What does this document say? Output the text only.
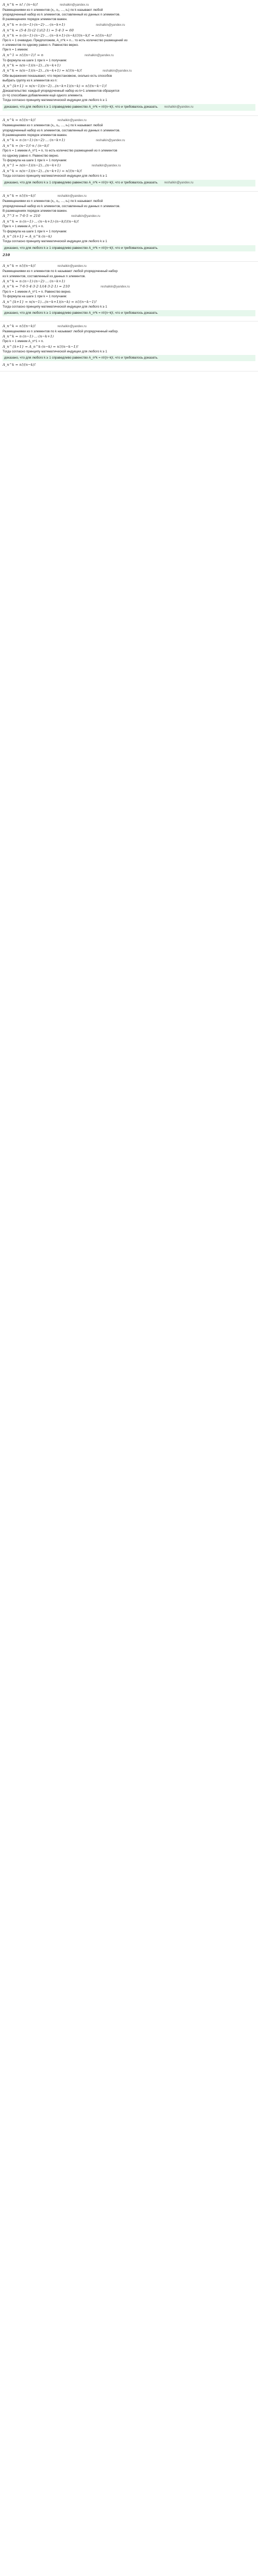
A_n^k = n! / (n−k)!	reshalkin@yandex.ru
Размещениями из n элементов (x₁, x₂, ..., xₙ) по k называют любой
упорядоченный набор из k элементов, составленный из данных n элементов.
В размещениях порядок элементов важен.
A_n^k = n·(n−1)·(n−2)·...·(n−k+1)	reshalkin@yandex.ru
A_n^k = (5·4·3)·(2·1)/(2·1) = 5·4·3 = 60
A_n^k = n·(n−1)·(n−2)·...·(n−k+1)·(n−k)!/(n−k)! = n!/(n−k)!
Про k = 1 очевидно. Предположим, A_n^k = n... то есть количество размещений из
n элементов по одному равно n. Равенство верно.
При k = 1 имеем:
A_n^1 = n!/(n−1)! = n	reshalkin@yandex.ru
То формула на шаге 1 при k = 1 получаем:
A_n^k = n(n−1)(n−2)...(n−k+1)
A_n^k = n(n−1)(n−2)...(n−k+1) = n!/(n−k)!	reshalkin@yandex.ru
Обе выражения показывают, что перестановкою, сколько есть способов
выбрать группу из k элементов из n:
A_n^{k+1} = n(n−1)(n−2)...(n−k+1)(n−k) = n!/(n−k−1)!
Доказательство: каждый упорядоченный набор из k+1 элементов образуется
(n−k) способами добавлением ещё одного элемента.
Тогда согласно принципу математической индукции для любого k ≥ 1
доказано, что для любого k ≥ 1 справедливо равенство A_n^k = n!/(n−k)!, что и требовалось доказать. reshalkin@yandex.ru
A_n^k = n!/(n−k)!	reshalkin@yandex.ru
Размещениями из n элементов (x₁, x₂, ..., xₙ) по k называют любой
упорядоченный набор из k элементов, составленный из данных n элементов.
В размещениях порядок элементов важен.
A_n^k = n·(n−1)·(n−2)·...·(n−k+1)	reshalkin@yandex.ru
A_n^k = (n−1)!·n / (n−k)!
Про k = 1 имеем A_n^1 = n, то есть количество размещений из n элементов
по одному равно n. Равенство верно.
То формула на шаге 1 при k = 1 получаем:
A_n^1 = n(n−1)(n−2)...(n−k+1)	reshalkin@yandex.ru
A_n^k = n(n−1)(n−2)...(n−k+1) = n!/(n−k)!
Тогда согласно принципу математической индукции для любого k ≥ 1
доказано, что для любого k ≥ 1 справедливо равенство A_n^k = n!/(n−k)!, что и требовалось доказать. reshalkin@yandex.ru
A_n^k = n!/(n−k)!	reshalkin@yandex.ru
Размещениями из n элементов (x₁, x₂, ..., xₙ) по k называют любой
упорядоченный набор из k элементов, составленный из данных n элементов.
В размещениях порядок элементов важен.
A_7^3 = 7·6·5 = 210	reshalkin@yandex.ru
A_n^k = n·(n−1)·...·(n−k+1)·(n−k)!/(n−k)!
При k = 1 имеем A_n^1 = n.
То формула на шаге 1 при k = 1 получаем:
A_n^{k+1} = A_n^k·(n−k)
Тогда согласно принципу математической индукции для любого k ≥ 1
доказано, что для любого k ≥ 1 справедливо равенство A_n^k = n!/(n−k)!, что и требовалось доказать.
210
A_n^k = n!/(n−k)!	reshalkin@yandex.ru
Размещениями из n элементов по k называют любой упорядоченный набор
из k элементов, составленный из данных n элементов.
A_n^k = n·(n−1)·(n−2)·...·(n−k+1)
A_n^k = 7·6·5·4·3·2·1/(4·3·2·1) = 210	reshalkin@yandex.ru
Про k = 1 имеем A_n^1 = n. Равенство верно.
То формула на шаге 1 при k = 1 получаем:
A_n^{k+1} = n(n−1)...(n−k+1)(n−k) = n!/(n−k−1)!
Тогда согласно принципу математической индукции для любого k ≥ 1
доказано, что для любого k ≥ 1 справедливо равенство A_n^k = n!/(n−k)!, что и требовалось доказать.
A_n^k = n!/(n−k)!	reshalkin@yandex.ru
Размещениями из n элементов по k называют любой упорядоченный набор.
A_n^k = n·(n−1)·...·(n−k+1)
Про k = 1 имеем A_n^1 = n.
A_n^{k+1} = A_n^k·(n−k) = n!/(n−k−1)!
Тогда согласно принципу математической индукции для любого k ≥ 1
доказано, что для любого k ≥ 1 справедливо равенство A_n^k = n!/(n−k)!, что и требовалось доказать.
A_n^k = n!/(n−k)!
